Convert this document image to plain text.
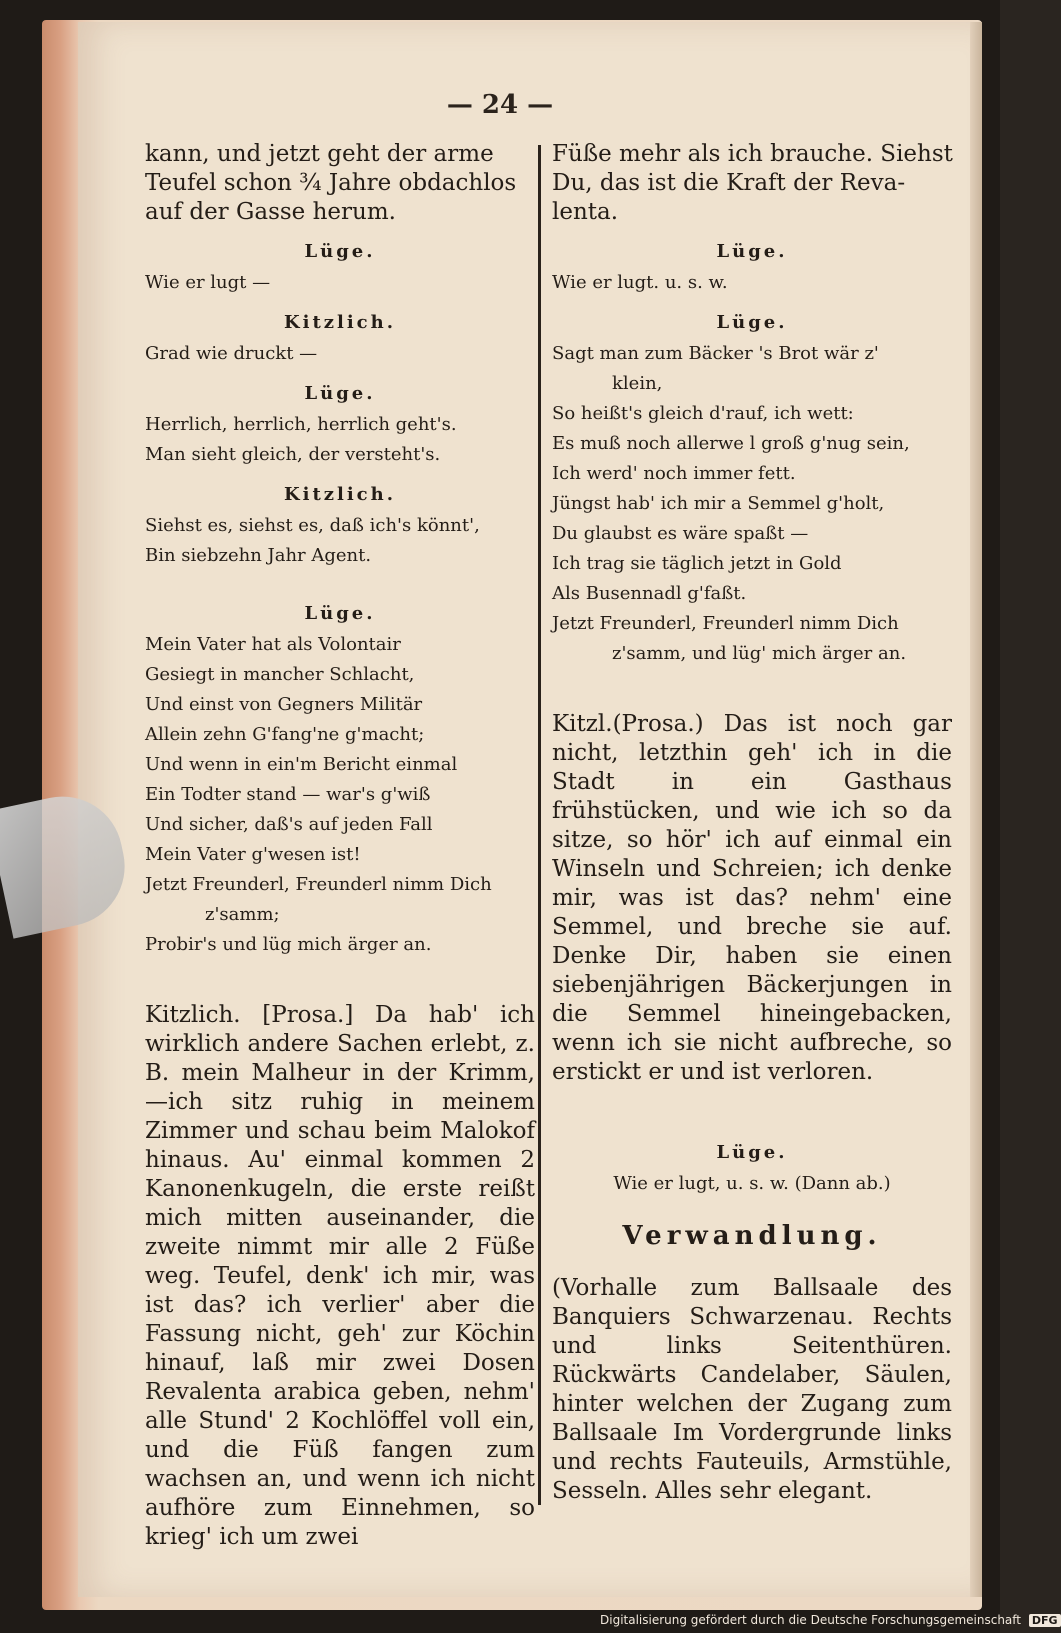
— 24 —

kann, und jetzt geht der arme

Teufel schon ¾ Jahre obdachlos

auf der Gasse herum.

Lüge.

Wie er lugt —

Kitzlich.

Grad wie druckt —

Lüge.

Herrlich, herrlich, herrlich geht's.

Man sieht gleich, der versteht's.

Kitzlich.

Siehst es, siehst es, daß ich's könnt',

Bin siebzehn Jahr Agent.

Lüge.

Mein Vater hat als Volontair

Gesiegt in mancher Schlacht,

Und einst von Gegners Militär

Allein zehn G'fang'ne g'macht;

Und wenn in ein'm Bericht einmal

Ein Todter stand — war's g'wiß

Und sicher, daß's auf jeden Fall

Mein Vater g'wesen ist!

Jetzt Freunderl, Freunderl nimm Dich

z'samm;

Probir's und lüg mich ärger an.

Kitzlich. [Prosa.] Da hab' ich wirklich andere Sachen erlebt, z. B. mein Malheur in der Krimm, —ich sitz ruhig in meinem Zimmer und schau beim Malokof hinaus. Au' einmal kommen 2 Kanonenkugeln, die erste reißt mich mitten auseinander, die zweite nimmt mir alle 2 Füße weg. Teufel, denk' ich mir, was ist das? ich verlier' aber die Fassung nicht, geh' zur Köchin hinauf, laß mir zwei Dosen Revalenta arabica geben, nehm' alle Stund' 2 Kochlöffel voll ein, und die Füß fangen zum wachsen an, und wenn ich nicht aufhöre zum Einnehmen, so krieg' ich um zwei

Füße mehr als ich brauche. Siehst

Du, das ist die Kraft der Reva-

lenta.

Lüge.

Wie er lugt. u. s. w.

Lüge.

Sagt man zum Bäcker 's Brot wär z'

klein,

So heißt's gleich d'rauf, ich wett:

Es muß noch allerwe l groß g'nug sein,

Ich werd' noch immer fett.

Jüngst hab' ich mir a Semmel g'holt,

Du glaubst es wäre spaßt —

Ich trag sie täglich jetzt in Gold

Als Busennadl g'faßt.

Jetzt Freunderl, Freunderl nimm Dich

z'samm, und lüg' mich ärger an.

Kitzl.(Prosa.) Das ist noch gar nicht, letzthin geh' ich in die Stadt in ein Gasthaus frühstücken, und wie ich so da sitze, so hör' ich auf einmal ein Winseln und Schreien; ich denke mir, was ist das? nehm' eine Semmel, und breche sie auf. Denke Dir, haben sie einen siebenjährigen Bäckerjungen in die Semmel hineingebacken, wenn ich sie nicht aufbreche, so erstickt er und ist verloren.

Lüge.

Wie er lugt, u. s. w. (Dann ab.)

Verwandlung.

(Vorhalle zum Ballsaale des Banquiers Schwarzenau. Rechts und links Seitenthüren. Rückwärts Candelaber, Säulen, hinter welchen der Zugang zum Ballsaale Im Vordergrunde links und rechts Fauteuils, Armstühle, Sesseln. Alles sehr elegant.

Digitalisierung gefördert durch die Deutsche Forschungsgemeinschaft DFG
